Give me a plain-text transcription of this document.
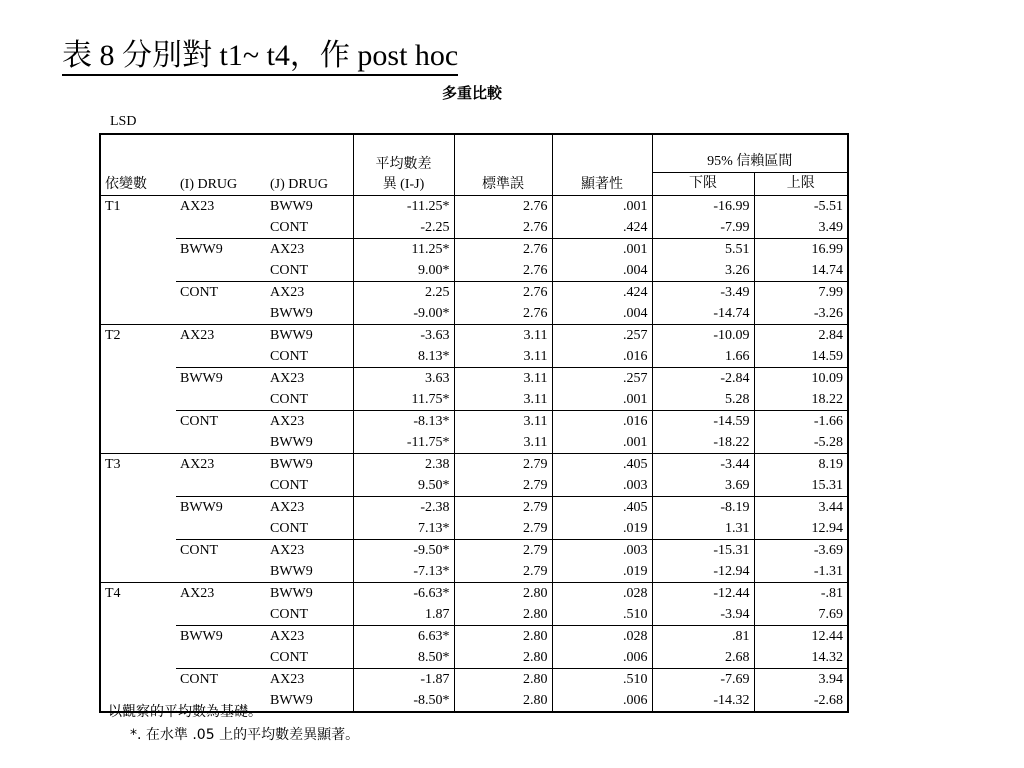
表 8 分別對 t1~ t4，作 post hoc
多重比較
LSD
依變數	(I) DRUG	(J) DRUG	平均數差
異 (I-J)	標準誤	顯著性	95% 信賴區間	
						下限	上限
T1	AX23	BWW9	-11.25*	2.76	.001	-16.99	-5.51
		CONT	-2.25	2.76	.424	-7.99	3.49
	BWW9	AX23	11.25*	2.76	.001	5.51	16.99
		CONT	9.00*	2.76	.004	3.26	14.74
	CONT	AX23	2.25	2.76	.424	-3.49	7.99
		BWW9	-9.00*	2.76	.004	-14.74	-3.26
T2	AX23	BWW9	-3.63	3.11	.257	-10.09	2.84
		CONT	8.13*	3.11	.016	1.66	14.59
	BWW9	AX23	3.63	3.11	.257	-2.84	10.09
		CONT	11.75*	3.11	.001	5.28	18.22
	CONT	AX23	-8.13*	3.11	.016	-14.59	-1.66
		BWW9	-11.75*	3.11	.001	-18.22	-5.28
T3	AX23	BWW9	2.38	2.79	.405	-3.44	8.19
		CONT	9.50*	2.79	.003	3.69	15.31
	BWW9	AX23	-2.38	2.79	.405	-8.19	3.44
		CONT	7.13*	2.79	.019	1.31	12.94
	CONT	AX23	-9.50*	2.79	.003	-15.31	-3.69
		BWW9	-7.13*	2.79	.019	-12.94	-1.31
T4	AX23	BWW9	-6.63*	2.80	.028	-12.44	-.81
		CONT	1.87	2.80	.510	-3.94	7.69
	BWW9	AX23	6.63*	2.80	.028	.81	12.44
		CONT	8.50*	2.80	.006	2.68	14.32
	CONT	AX23	-1.87	2.80	.510	-7.69	3.94
		BWW9	-8.50*	2.80	.006	-14.32	-2.68
以觀察的平均數為基礎。
*. 在水準 .05 上的平均數差異顯著。
